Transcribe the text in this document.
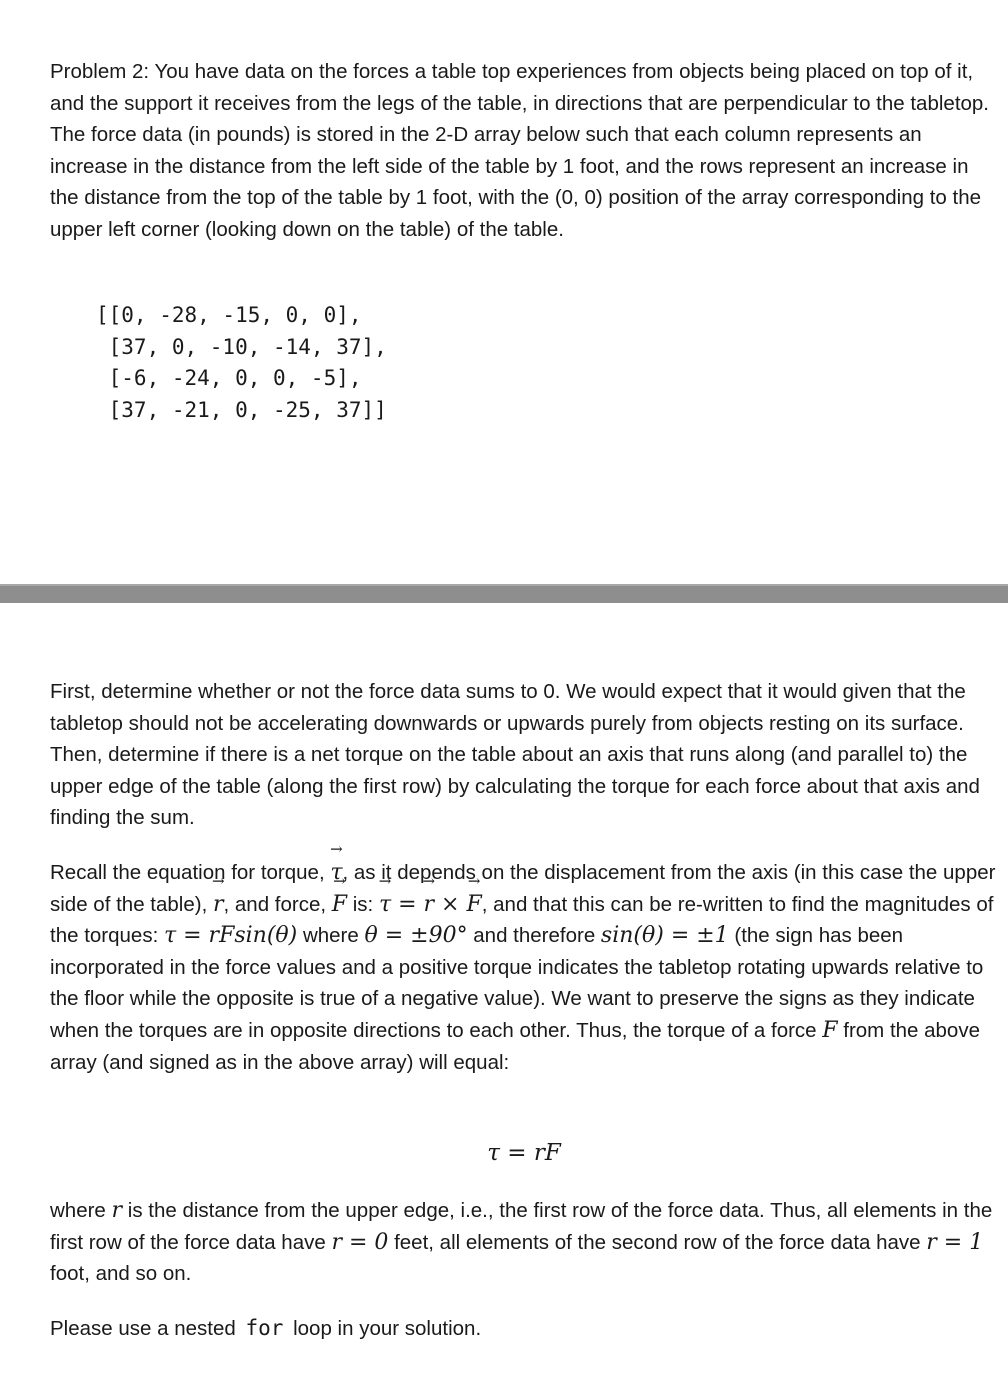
Problem 2: You have data on the forces a table top experiences from objects being placed on top of it, and the support it receives from the legs of the table, in directions that are perpendicular to the tabletop. The force data (in pounds) is stored in the 2-D array below such that each column represents an increase in the distance from the left side of the table by 1 foot, and the rows represent an increase in the distance from the top of the table by 1 foot, with the (0, 0) position of the array corresponding to the upper left corner (looking down on the table) of the table.

[[0, -28, -15, 0, 0],
[37, 0, -10, -14, 37],
[-6, -24, 0, 0, -5],
[37, -21, 0, -25, 37]]

First, determine whether or not the force data sums to 0. We would expect that it would given that the tabletop should not be accelerating downwards or upwards purely from objects resting on its surface. Then, determine if there is a net torque on the table about an axis that runs along (and parallel to) the upper edge of the table (along the first row) by calculating the torque for each force about that axis and finding the sum.

Recall the equation for torque, → τ, as it depends on the displacement from the axis (in this case the upper side of the table), → r, and force, → F is: → τ = → r × → F, and that this can be re-written to find the magnitudes of the torques: τ = rFsin(θ) where θ = ±90° and therefore sin(θ) = ±1 (the sign has been incorporated in the force values and a positive torque indicates the tabletop rotating upwards relative to the floor while the opposite is true of a negative value). We want to preserve the signs as they indicate when the torques are in opposite directions to each other. Thus, the torque of a force F from the above array (and signed as in the above array) will equal:

τ = rF

where r is the distance from the upper edge, i.e., the first row of the force data. Thus, all elements in the first row of the force data have r = 0 feet, all elements of the second row of the force data have r = 1 foot, and so on.

Please use a nested for loop in your solution.
